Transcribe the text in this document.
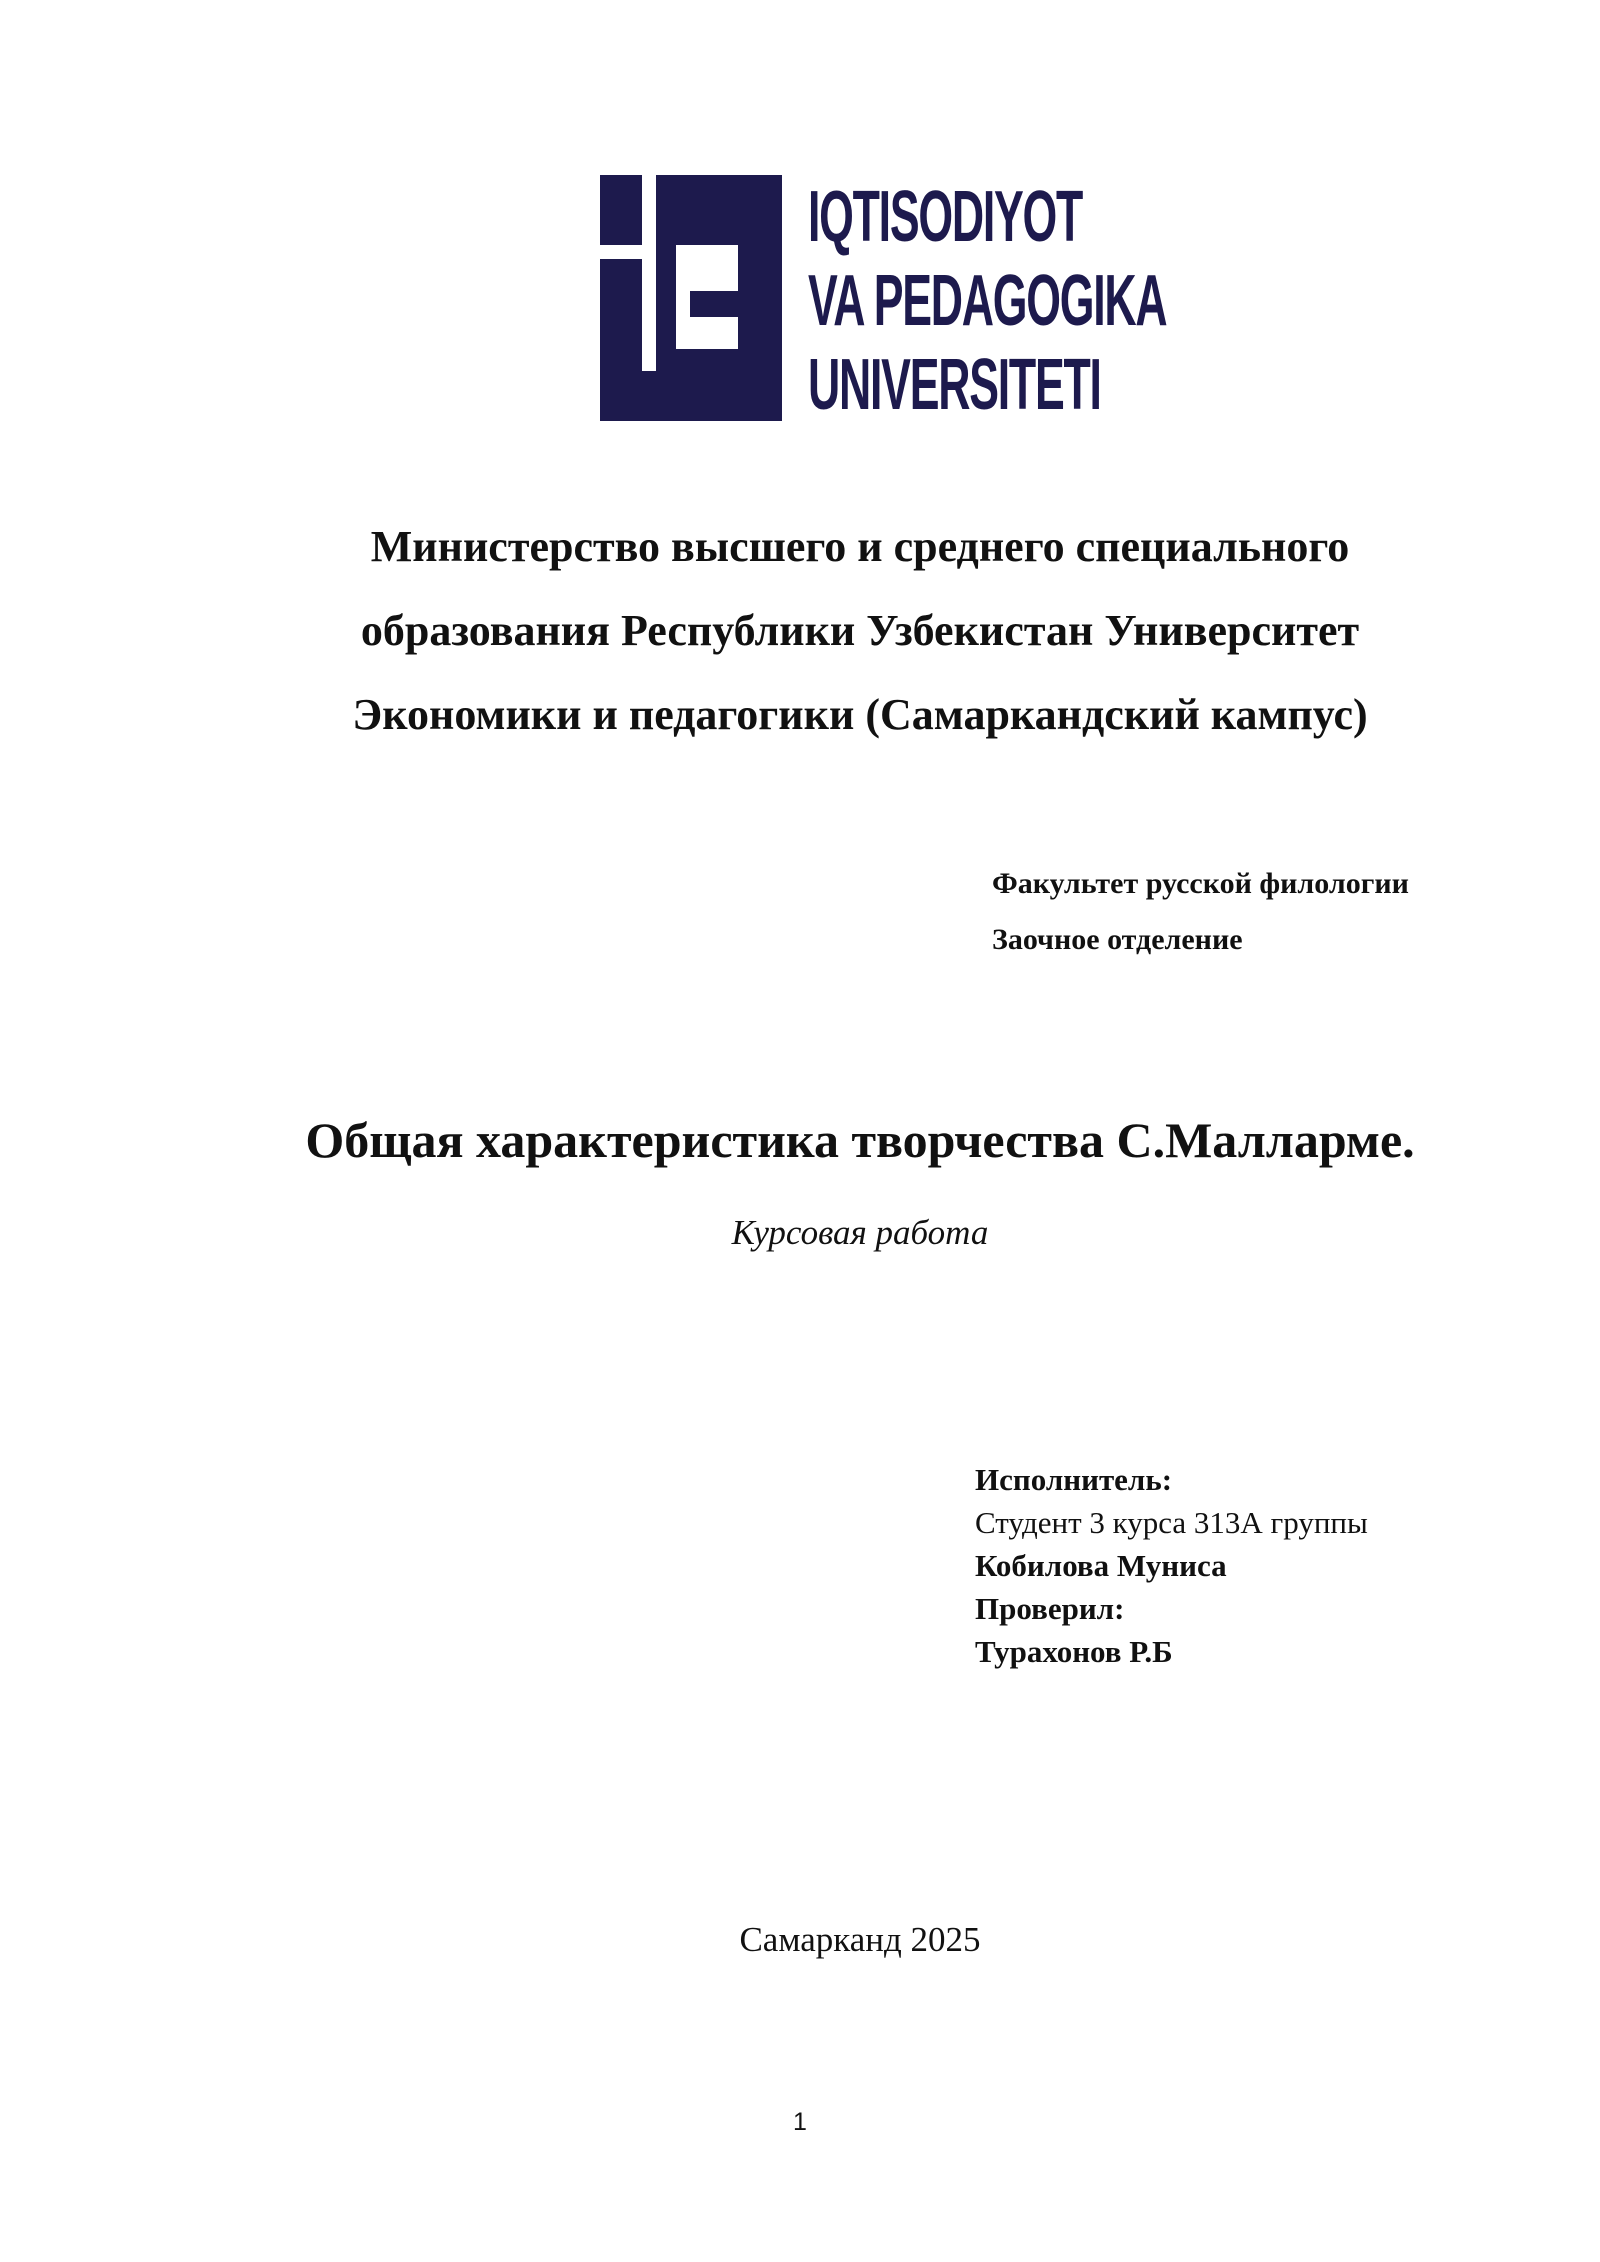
IQTISODIYOT
VA PEDAGOGIKA
UNIVERSITETI
Министерство высшего и среднего специального
образования Республики Узбекистан Университет
Экономики и педагогики (Самаркандский кампус)
Факультет русской филологии
Заочное отделение
Общая характеристика творчества С.Малларме.
Курсовая работа
Исполнитель:
Студент 3 курса 313А группы
Кобилова Муниса
Проверил:
Турахонов Р.Б
Самарканд 2025
1
